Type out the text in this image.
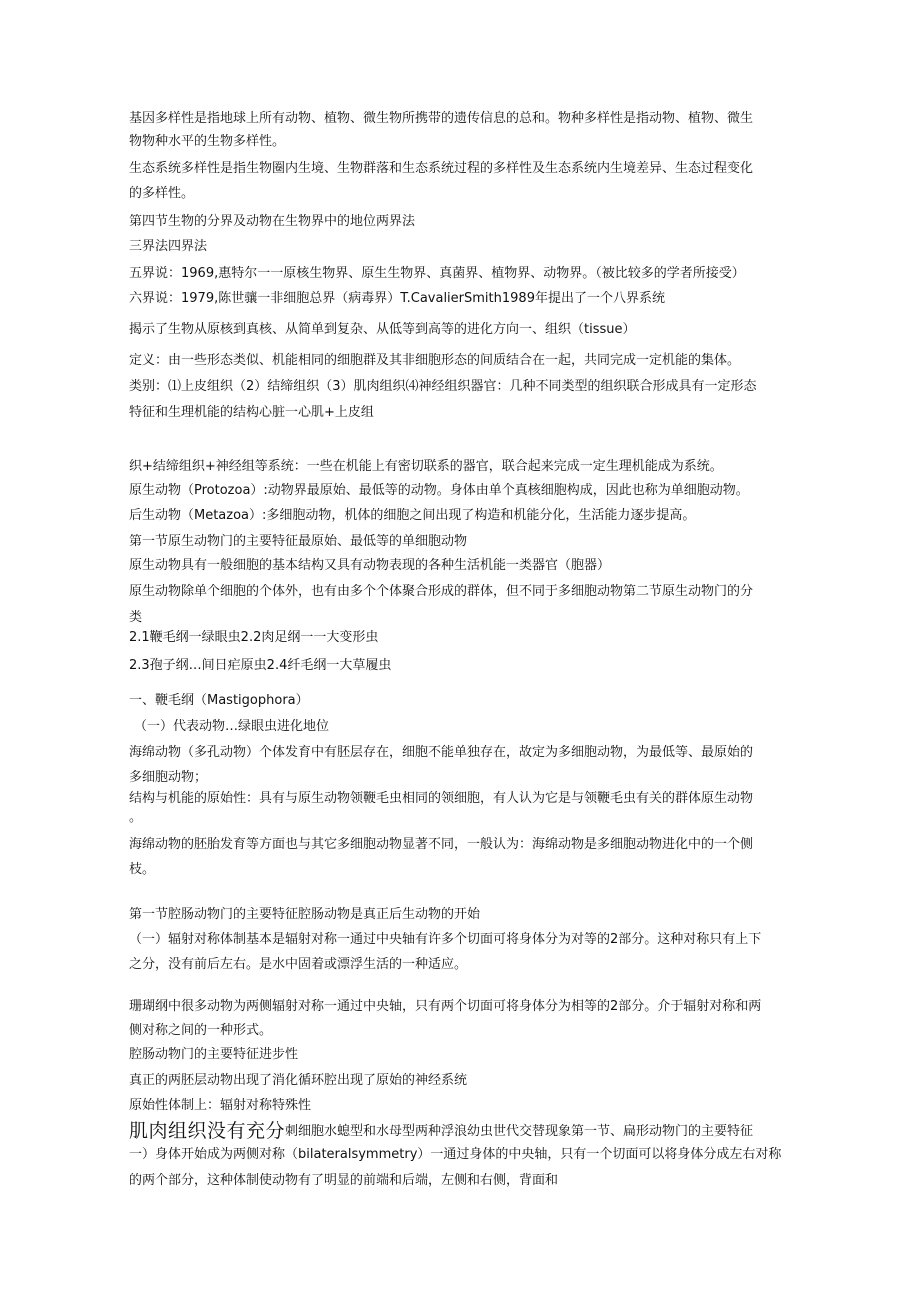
基因多样性是指地球上所有动物、植物、微生物所携带的遗传信息的总和。物种多样性是指动物、植物、微生
物物种水平的生物多样性。
生态系统多样性是指生物圈内生境、生物群落和生态系统过程的多样性及生态系统内生境差异、生态过程变化
的多样性。
第四节生物的分界及动物在生物界中的地位两界法
三界法四界法
五界说：1969,惠特尔一一原核生物界、原生生物界、真菌界、植物界、动物界。（被比较多的学者所接受）
六界说：1979,陈世骧一非细胞总界（病毒界）T.CavalierSmith1989年提出了一个八界系统
揭示了生物从原核到真核、从简单到复杂、从低等到高等的进化方向一、组织（tissue）
定义：由一些形态类似、机能相同的细胞群及其非细胞形态的间质结合在一起，共同完成一定机能的集体。
类别：⑴上皮组织（2）结缔组织（3）肌肉组织⑷神经组织器官：几种不同类型的组织联合形成具有一定形态
特征和生理机能的结构心脏一心肌+上皮组
织+结缔组织+神经组等系统：一些在机能上有密切联系的器官，联合起来完成一定生理机能成为系统。
原生动物（Protozoa）:动物界最原始、最低等的动物。身体由单个真核细胞构成，因此也称为单细胞动物。
后生动物（Metazoa）:多细胞动物，机体的细胞之间出现了构造和机能分化，生活能力逐步提高。
第一节原生动物门的主要特征最原始、最低等的单细胞动物
原生动物具有一般细胞的基本结构又具有动物表现的各种生活机能一类器官（胞器）
原生动物除单个细胞的个体外，也有由多个个体聚合形成的群体，但不同于多细胞动物第二节原生动物门的分
类
2.1鞭毛纲一绿眼虫2.2肉足纲一一大变形虫
2.3孢子纲…间日疟原虫2.4纤毛纲一大草履虫
一、鞭毛纲（Mastigophora）
（一）代表动物…绿眼虫进化地位
海绵动物（多孔动物）个体发育中有胚层存在，细胞不能单独存在，故定为多细胞动物，为最低等、最原始的
多细胞动物；
结构与机能的原始性：具有与原生动物领鞭毛虫相同的领细胞，有人认为它是与领鞭毛虫有关的群体原生动物
。
海绵动物的胚胎发育等方面也与其它多细胞动物显著不同，一般认为：海绵动物是多细胞动物进化中的一个侧
枝。
第一节腔肠动物门的主要特征腔肠动物是真正后生动物的开始
（一）辐射对称体制基本是辐射对称一通过中央轴有许多个切面可将身体分为对等的2部分。这种对称只有上下
之分，没有前后左右。是水中固着或漂浮生活的一种适应。
珊瑚纲中很多动物为两侧辐射对称一通过中央轴，只有两个切面可将身体分为相等的2部分。介于辐射对称和两
侧对称之间的一种形式。
腔肠动物门的主要特征进步性
真正的两胚层动物出现了消化循环腔出现了原始的神经系统
原始性体制上：辐射对称特殊性
肌肉组织没有充分刺细胞水螅型和水母型两种浮浪幼虫世代交替现象第一节、扁形动物门的主要特征
一）身体开始成为两侧对称（bilateralsymmetry）一通过身体的中央轴，只有一个切面可以将身体分成左右对称
的两个部分，这种体制使动物有了明显的前端和后端，左侧和右侧，背面和
